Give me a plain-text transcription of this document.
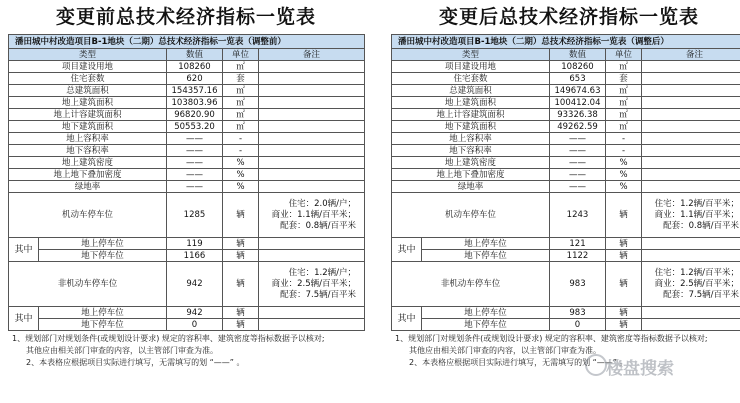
变更前总技术经济指标一览表
潘田城中村改造项目B-1地块（二期）总技术经济指标一览表（调整前）				
类型		数值	单位	备注
项目建设用地		108260	㎡	
住宅套数		620	套	
总建筑面积		154357.16	㎡	
地上建筑面积		103803.96	㎡	
地上计容建筑面积		96820.90	㎡	
地下建筑面积		50553.20	㎡	
地上容积率		——	-	
地下容积率		——	-	
地上建筑密度		——	%	
地上地下叠加密度		——	%	
绿地率		——	%	
机动车停车位		1285	辆	住宅：2.0辆/户；
商业：1.1辆/百平米；
配套：0.8辆/百平米

其中	地上停车位	119	辆	
	地下停车位	1166	辆	
非机动车停车位		942	辆	住宅：1.2辆/户；
商业：2.5辆/百平米；
配套：7.5辆/百平米

其中	地上停车位	942	辆	
	地下停车位	0	辆	
1、规划部门对规划条件(或规划设计要求) 规定的容积率、建筑密度等指标数据予以核对;
其他应由相关部门审查的内容，以主管部门审查为准。
2、本表格应根据项目实际进行填写，无需填写的划 “——” 。
变更后总技术经济指标一览表
潘田城中村改造项目B-1地块（二期）总技术经济指标一览表（调整后）				
类型		数值	单位	备注
项目建设用地		108260	㎡	
住宅套数		653	套	
总建筑面积		149674.63	㎡	
地上建筑面积		100412.04	㎡	
地上计容建筑面积		93326.38	㎡	
地下建筑面积		49262.59	㎡	
地上容积率		——	-	
地下容积率		——	-	
地上建筑密度		——	%	
地上地下叠加密度		——	%	
绿地率		——	%	
机动车停车位		1243	辆	住宅：1.2辆/百平米；
商业：1.1辆/百平米；
配套：0.8辆/百平米

其中	地上停车位	121	辆	
	地下停车位	1122	辆	
非机动车停车位		983	辆	住宅：1.2辆/百平米；
商业：2.5辆/百平米；
配套：7.5辆/百平米

其中	地上停车位	983	辆	
	地下停车位	0	辆	
1、规划部门对规划条件(或规划设计要求) 规定的容积率、建筑密度等指标数据予以核对;
其他应由相关部门审查的内容，以主管部门审查为准。
2、本表格应根据项目实际进行填写，无需填写的划 “——” 。
楼盘搜索
